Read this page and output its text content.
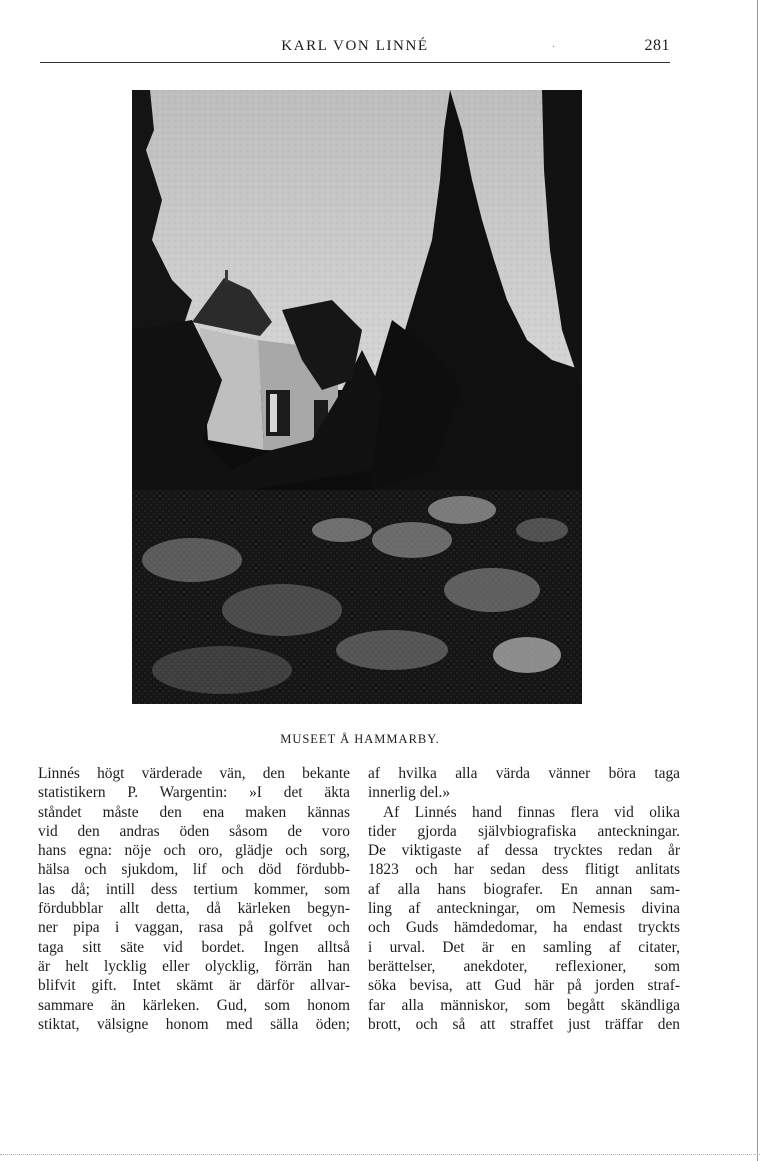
KARL VON LINNÉ	·	281
MUSEET Å HAMMARBY.
Linnés högt värderade vän, den bekante
statistikern P. Wargentin: »I det äkta
ståndet måste den ena maken kännas
vid den andras öden såsom de voro
hans egna: nöje och oro, glädje och sorg,
hälsa och sjukdom, lif och död fördubb-
las då; intill dess tertium kommer, som
fördubblar allt detta, då kärleken begyn-
ner pipa i vaggan, rasa på golfvet och
taga sitt säte vid bordet. Ingen alltså
är helt lycklig eller olycklig, förrän han
blifvit gift. Intet skämt är därför allvar-
sammare än kärleken. Gud, som honom
stiktat, välsigne honom med sälla öden;
af hvilka alla värda vänner böra taga
innerlig del.»
Af Linnés hand finnas flera vid olika
tider gjorda självbiografiska anteckningar.
De viktigaste af dessa trycktes redan år
1823 och har sedan dess flitigt anlitats
af alla hans biografer. En annan sam-
ling af anteckningar, om Nemesis divina
och Guds hämdedomar, ha endast tryckts
i urval. Det är en samling af citater,
berättelser, anekdoter, reflexioner, som
söka bevisa, att Gud här på jorden straf-
far alla människor, som begått skändliga
brott, och så att straffet just träffar den
